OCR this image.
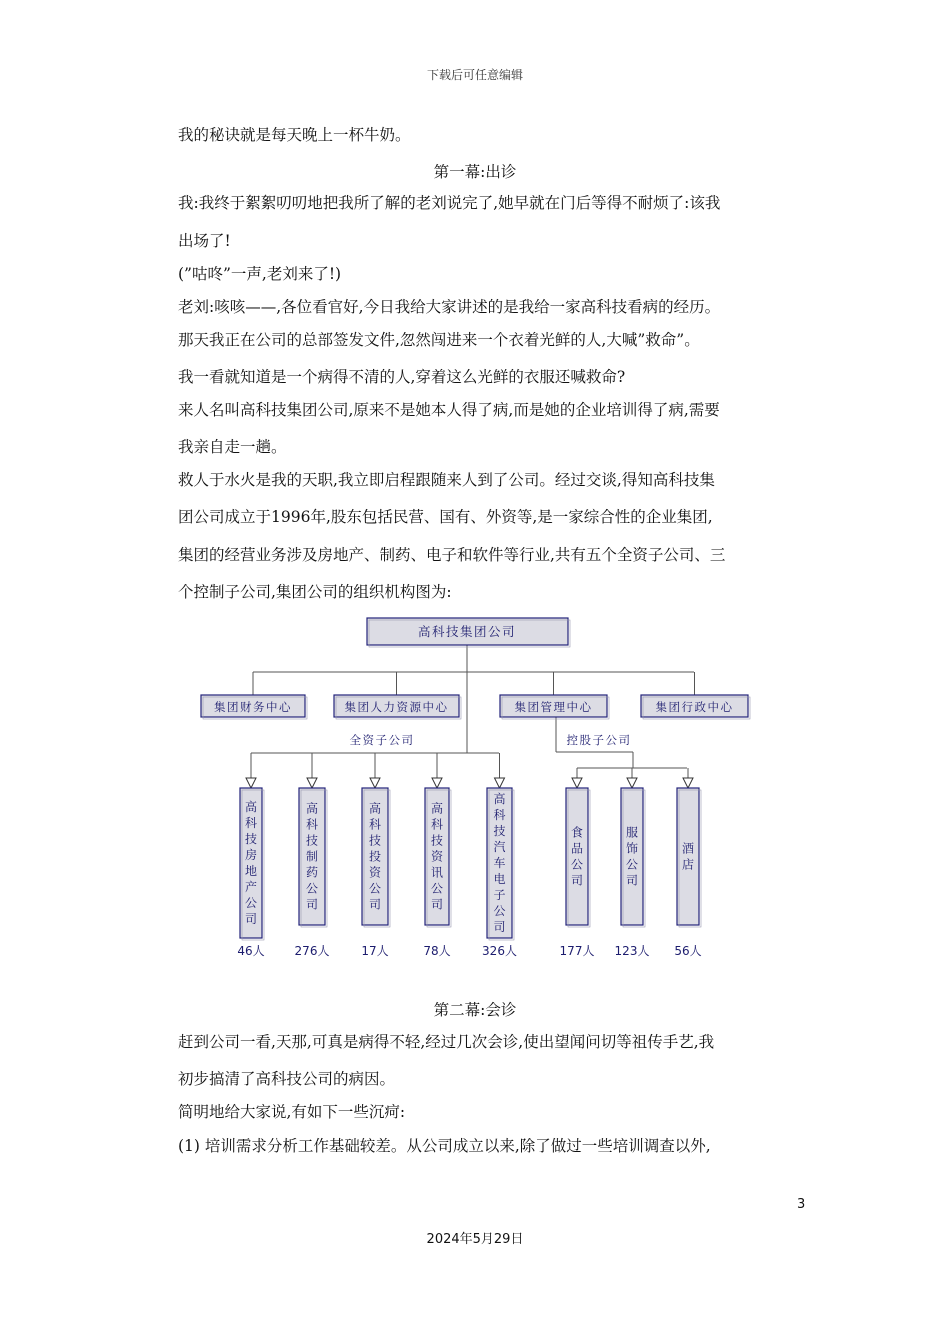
下载后可任意编辑
我的秘诀就是每天晚上一杯牛奶。
第一幕:出诊
我:我终于絮絮叨叨地把我所了解的老刘说完了,她早就在门后等得不耐烦了:该我
出场了!
(”咕咚”一声,老刘来了!)
老刘:咳咳——,各位看官好,今日我给大家讲述的是我给一家高科技看病的经历。
那天我正在公司的总部签发文件,忽然闯进来一个衣着光鲜的人,大喊”救命”。
我一看就知道是一个病得不清的人,穿着这么光鲜的衣服还喊救命?
来人名叫高科技集团公司,原来不是她本人得了病,而是她的企业培训得了病,需要
我亲自走一趟。
救人于水火是我的天职,我立即启程跟随来人到了公司。经过交谈,得知高科技集
团公司成立于1996年,股东包括民营、国有、外资等,是一家综合性的企业集团,
集团的经营业务涉及房地产、制药、电子和软件等行业,共有五个全资子公司、三
个控制子公司,集团公司的组织机构图为:
高科技集团公司
集团财务中心	集团人力资源中心	集团管理中心	集团行政中心
全资子公司	控股子公司
高
科
技
房
地
产
公
司
46人
高
科
技
制
药
公
司
276人
高
科
技
投
资
公
司
17人
高
科
技
资
讯
公
司
78人
高
科
技
汽
车
电
子
公
司
326人
食
品
公
司
177人
服
饰
公
司
123人
酒
店
56人
第二幕:会诊
赶到公司一看,天那,可真是病得不轻,经过几次会诊,使出望闻问切等祖传手艺,我
初步搞清了高科技公司的病因。
简明地给大家说,有如下一些沉疴:
(1) 培训需求分析工作基础较差。从公司成立以来,除了做过一些培训调查以外,
3
2024年5月29日
